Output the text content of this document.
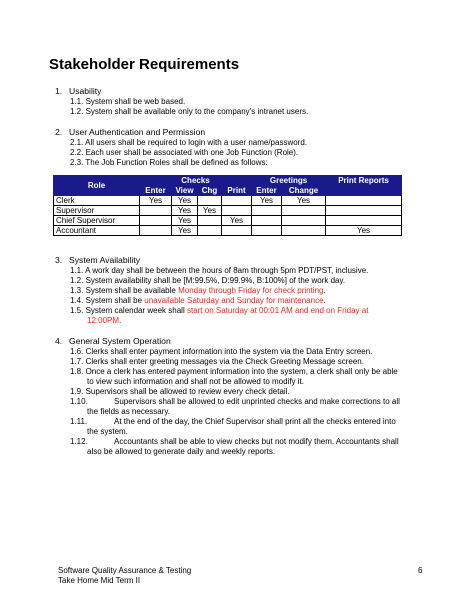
Stakeholder Requirements
1. Usability
1.1. System shall be web based.
1.2. System shall be available only to the company’s intranet users.
2. User Authentication and Permission
2.1. All users shall be required to login with a user name/password.
2.2. Each user shall be associated with one Job Function (Role).
2.3. The Job Function Roles shall be defined as follows:
Role	Checks				Greetings		Print Reports
	Enter	View	Chg	Print	Enter	Change	
Clerk	Yes	Yes			Yes	Yes	
Supervisor		Yes	Yes				
Chief Supervisor		Yes		Yes			
Accountant		Yes					Yes
3. System Availability
1.1. A work day shall be between the hours of 8am through 5pm PDT/PST, inclusive.
1.2. System availability shall be [M:99.5%, D:99.9%, B:100%] of the work day.
1.3. System shall be available Monday through Friday for check printing.
1.4. System shall be unavailable Saturday and Sunday for maintenance.
1.5. System calendar week shall start on Saturday at 00:01 AM and end on Friday at
12:00PM.
4. General System Operation
1.6. Clerks shall enter payment information into the system via the Data Entry screen.
1.7. Clerks shall enter greeting messages via the Check Greeting Message screen.
1.8. Once a clerk has entered payment information into the system, a clerk shall only be able
to view such information and shall not be allowed to modify it.
1.9. Supervisors shall be allowed to review every check detail.
1.10.	Supervisors shall be allowed to edit unprinted checks and make corrections to all
the fields as necessary.
1.11.	At the end of the day, the Chief Supervisor shall print all the checks entered into
the system.
1.12.	Accountants shall be able to view checks but not modify them. Accountants shall
also be allowed to generate daily and weekly reports.
Software Quality Assurance & Testing
Take Home Mid Term II
6
